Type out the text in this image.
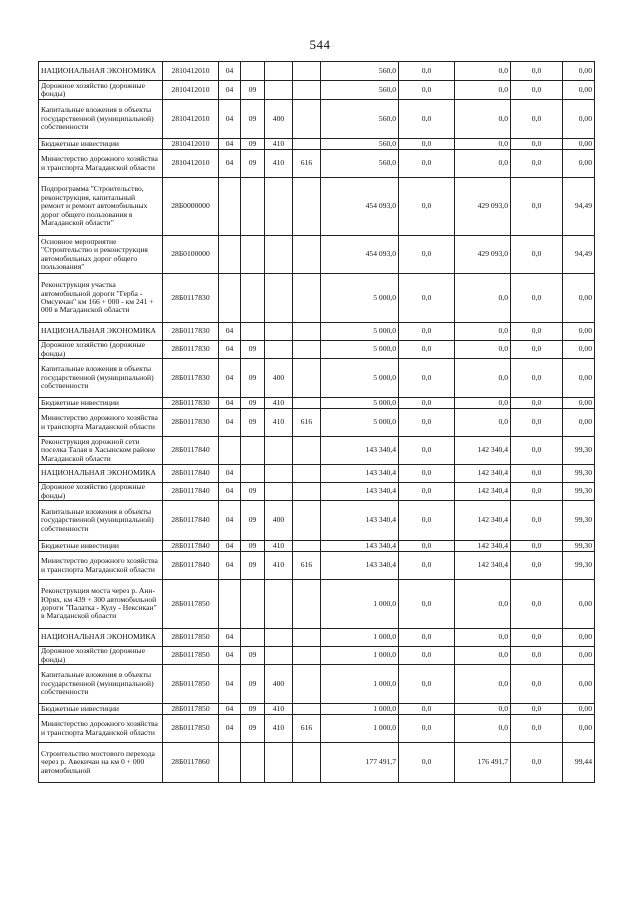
544
НАЦИОНАЛЬНАЯ ЭКОНОМИКА	2810412010	04				560,0	0,0	0,0	0,0	0,00
Дорожное хозяйство (дорожные фонды)	2810412010	04	09			560,0	0,0	0,0	0,0	0,00
Капитальные вложения в объекты государственной (муниципальной) собственности	2810412010	04	09	400		560,0	0,0	0,0	0,0	0,00
Бюджетные инвестиции	2810412010	04	09	410		560,0	0,0	0,0	0,0	0,00
Министерство дорожного хозяйства и транспорта Магаданской области	2810412010	04	09	410	616	560,0	0,0	0,0	0,0	0,00
Подпрограмма "Строительство, реконструкция, капитальный ремонт и ремонт автомобильных дорог общего пользования в Магаданской области"	28Б0000000					454 093,0	0,0	429 093,0	0,0	94,49
Основное мероприятие "Строительство и реконструкция автомобильных дорог общего пользования"	28Б0100000					454 093,0	0,0	429 093,0	0,0	94,49
Реконструкция участка автомобильной дороги "Герба - Омсукчан" км 166 + 000 - км 241 + 000 в Магаданской области	28Б0117830					5 000,0	0,0	0,0	0,0	0,00
НАЦИОНАЛЬНАЯ ЭКОНОМИКА	28Б0117830	04				5 000,0	0,0	0,0	0,0	0,00
Дорожное хозяйство (дорожные фонды)	28Б0117830	04	09			5 000,0	0,0	0,0	0,0	0,00
Капитальные вложения в объекты государственной (муниципальной) собственности	28Б0117830	04	09	400		5 000,0	0,0	0,0	0,0	0,00
Бюджетные инвестиции	28Б0117830	04	09	410		5 000,0	0,0	0,0	0,0	0,00
Министерство дорожного хозяйства и транспорта Магаданской области	28Б0117830	04	09	410	616	5 000,0	0,0	0,0	0,0	0,00
Реконструкция дорожной сети поселка Талая в Хасынском районе Магаданской области	28Б0117840					143 340,4	0,0	142 340,4	0,0	99,30
НАЦИОНАЛЬНАЯ ЭКОНОМИКА	28Б0117840	04				143 340,4	0,0	142 340,4	0,0	99,30
Дорожное хозяйство (дорожные фонды)	28Б0117840	04	09			143 340,4	0,0	142 340,4	0,0	99,30
Капитальные вложения в объекты государственной (муниципальной) собственности	28Б0117840	04	09	400		143 340,4	0,0	142 340,4	0,0	99,30
Бюджетные инвестиции	28Б0117840	04	09	410		143 340,4	0,0	142 340,4	0,0	99,30
Министерство дорожного хозяйства и транспорта Магаданской области	28Б0117840	04	09	410	616	143 340,4	0,0	142 340,4	0,0	99,30
Реконструкция моста через р. Анн-Юрях, км 439 + 300 автомобильной дороги "Палатка - Кулу - Нексикан" в Магаданской области	28Б0117850					1 000,0	0,0	0,0	0,0	0,00
НАЦИОНАЛЬНАЯ ЭКОНОМИКА	28Б0117850	04				1 000,0	0,0	0,0	0,0	0,00
Дорожное хозяйство (дорожные фонды)	28Б0117850	04	09			1 000,0	0,0	0,0	0,0	0,00
Капитальные вложения в объекты государственной (муниципальной) собственности	28Б0117850	04	09	400		1 000,0	0,0	0,0	0,0	0,00
Бюджетные инвестиции	28Б0117850	04	09	410		1 000,0	0,0	0,0	0,0	0,00
Министерство дорожного хозяйства и транспорта Магаданской области	28Б0117850	04	09	410	616	1 000,0	0,0	0,0	0,0	0,00
Строительство мостового перехода через р. Авекичан на км 0 + 000 автомобильной	28Б0117860					177 491,7	0,0	176 491,7	0,0	99,44
